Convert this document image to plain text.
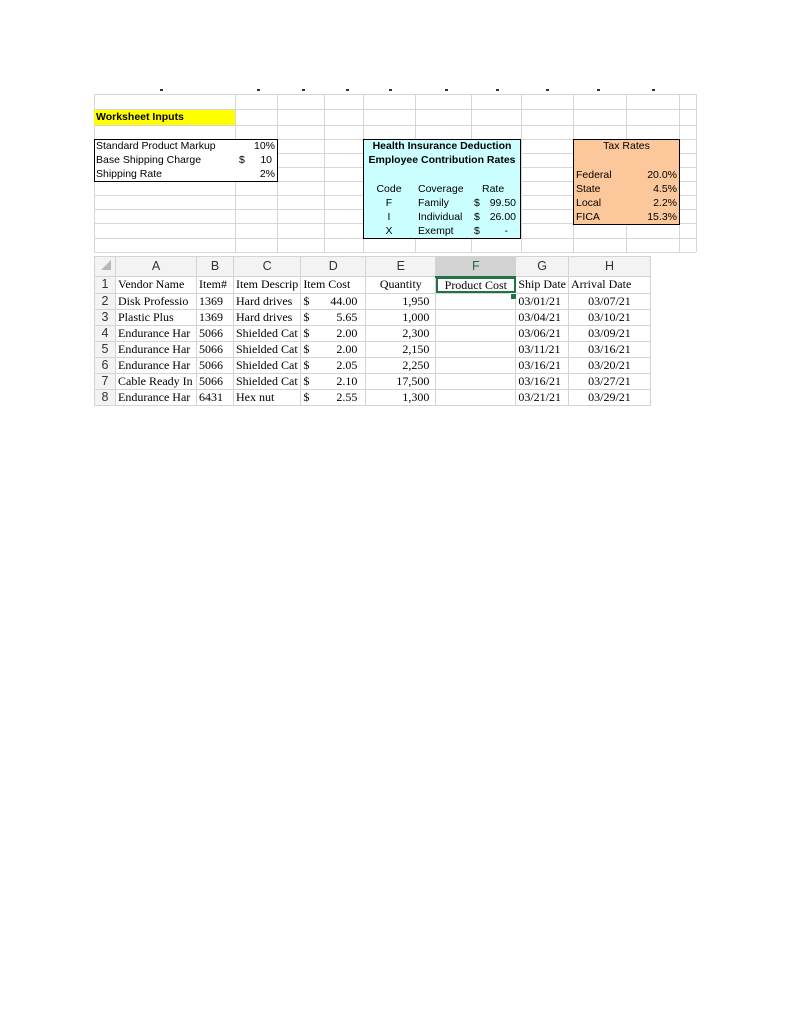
Worksheet Inputs
Standard Product Markup	10%
Base Shipping Charge	$	10
Shipping Rate	2%
Health Insurance Deduction
Employee Contribution Rates
Code	Coverage Rate
F	Family $ 99.50
I	Individual	$ 26.00
X	Exempt $	-
Tax Rates
Federal	20.0%
State	4.5%
Local	2.2%
FICA	15.3%
	A	B	C	D	E	F	G	H
1	Vendor Name	Item#	Item Descrip	Item Cost	Quantity	Product Cost	Ship Date	Arrival Date
2	Disk Professio	1369	Hard drives	$ 44.00	1,950		03/01/21	03/07/21
3	Plastic Plus	1369	Hard drives	$ 5.65	1,000		03/04/21	03/10/21
4	Endurance Har	5066	Shielded Cat	$ 2.00	2,300		03/06/21	03/09/21
5	Endurance Har	5066	Shielded Cat	$ 2.00	2,150		03/11/21	03/16/21
6	Endurance Har	5066	Shielded Cat	$ 2.05	2,250		03/16/21	03/20/21
7	Cable Ready In	5066	Shielded Cat	$ 2.10	17,500		03/16/21	03/27/21
8	Endurance Har	6431	Hex nut	$ 2.55	1,300		03/21/21	03/29/21
